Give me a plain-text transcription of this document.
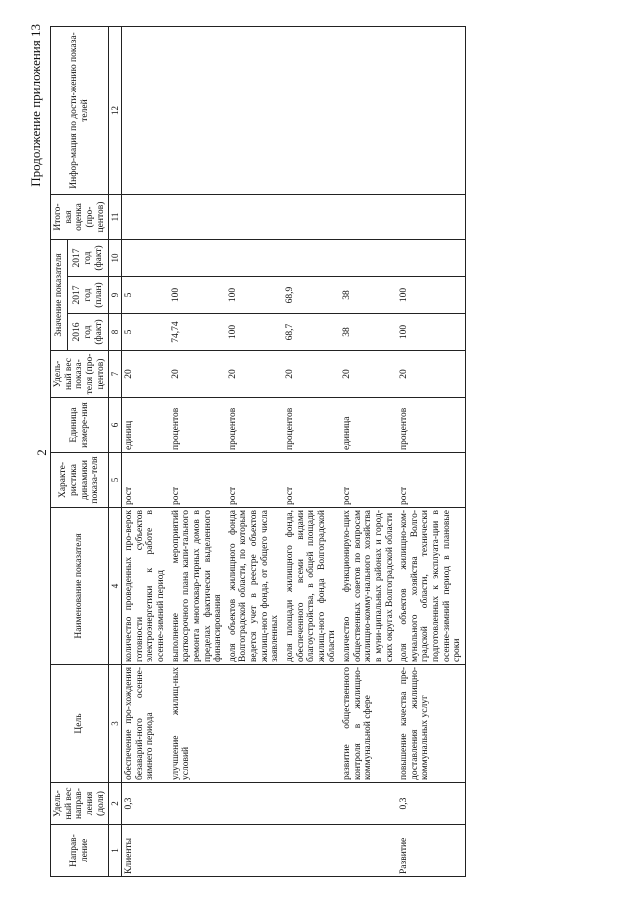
2
Продолжение приложения 13
Направ-ление	Удель-ный вес направ-ления (доля)	Цель	Наименование показателя	Характе-ристика динамики показа-теля	Единица измере-ния	Удель-ный вес показа-теля (про-центов)	Значение показателя			Итого-вая оценка (про-центов)	Инфор-мация по дости-жению показа-телей
							2016 год (факт)	2017 год (план)	2017 год (факт)		
1	2	3	4	5	6	7	8	9	10	11	12
Клиенты	0,3	обеспечение про-хождения безаварий-ного осенне-зимнего периода	количество проведенных про-верок готовности субъектов электроэнергетики к работе в осенне-зимний период	рост	единиц	20	5	5			
		улучшение жилищ-ных условий	выполнение мероприятий краткосрочного плана капи-тального ремонта многоквар-тирных домов в пределах фактически выделенного финансирования	рост	процентов	20	74,74	100			
			доля объектов жилищного фонда Волгоградской области, по которым ведется учет в реестре объектов жилищ-ного фонда, от общего числа заявленных	рост	процентов	20	100	100			
			доля площади жилищного фонда, обеспеченного всеми видами благоустройства, в общей площади жилищ-ного фонда Волгоградской области	рост	процентов	20	68,7	68,9			
		развитие общественного контроля в жилищно-коммунальной сфере	количество функционирую-щих общественных советов по вопросам жилищно-комму-нального хозяйства в муни-ципальных районах и город-ских округах Волгоградской области	рост	единица	20	38	38			
Развитие	0,3	повышение качества пре-доставления жилищно-коммунальных услуг	доля объектов жилищно-ком-мунального хозяйства Волго-градской области, технически подготовленных к эксплуата-ции в осенне-зимний период в плановые сроки	рост	процентов	20	100	100			
